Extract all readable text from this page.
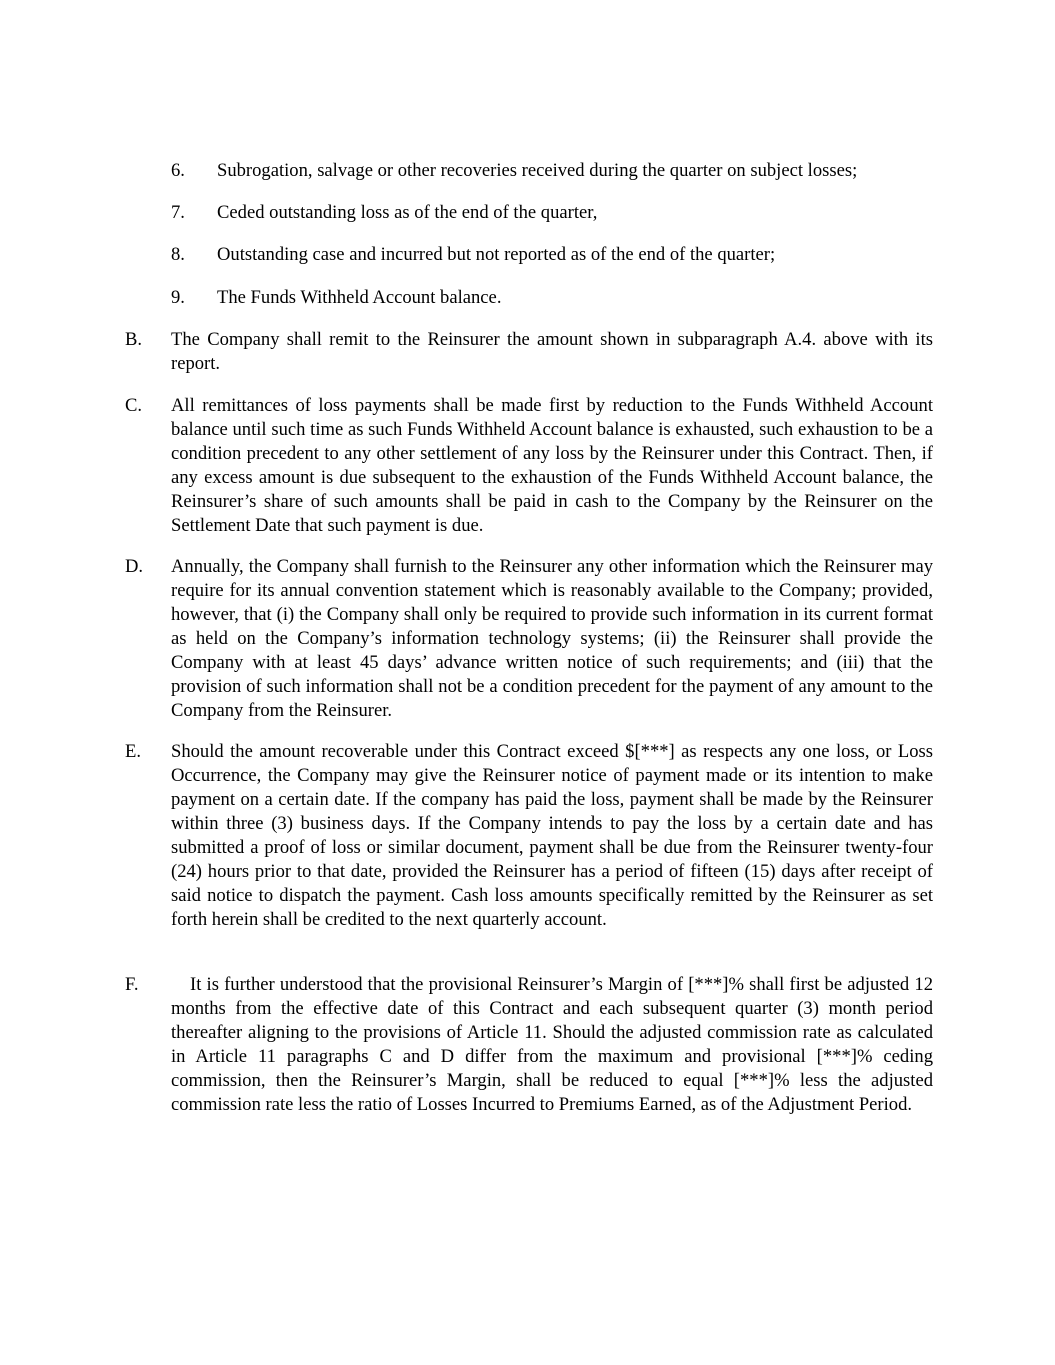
6.	Subrogation, salvage or other recoveries received during the quarter on subject losses;
7.	Ceded outstanding loss as of the end of the quarter,
8.	Outstanding case and incurred but not reported as of the end of the quarter;
9.	The Funds Withheld Account balance.
B.	The Company shall remit to the Reinsurer the amount shown in subparagraph A.4. above with its report.
C.	All remittances of loss payments shall be made first by reduction to the Funds Withheld Account balance until such time as such Funds Withheld Account balance is exhausted, such exhaustion to be a condition precedent to any other settlement of any loss by the Reinsurer under this Contract. Then, if any excess amount is due subsequent to the exhaustion of the Funds Withheld Account balance, the Reinsurer’s share of such amounts shall be paid in cash to the Company by the Reinsurer on the Settlement Date that such payment is due.
D.	Annually, the Company shall furnish to the Reinsurer any other information which the Reinsurer may require for its annual convention statement which is reasonably available to the Company; provided, however, that (i) the Company shall only be required to provide such information in its current format as held on the Company’s information technology systems; (ii) the Reinsurer shall provide the Company with at least 45 days’ advance written notice of such requirements; and (iii) that the provision of such information shall not be a condition precedent for the payment of any amount to the Company from the Reinsurer.
E.	Should the amount recoverable under this Contract exceed $[***] as respects any one loss, or Loss Occurrence, the Company may give the Reinsurer notice of payment made or its intention to make payment on a certain date. If the company has paid the loss, payment shall be made by the Reinsurer within three (3) business days. If the Company intends to pay the loss by a certain date and has submitted a proof of loss or similar document, payment shall be due from the Reinsurer twenty-four (24) hours prior to that date, provided the Reinsurer has a period of fifteen (15) days after receipt of said notice to dispatch the payment. Cash loss amounts specifically remitted by the Reinsurer as set forth herein shall be credited to the next quarterly account.
F.	It is further understood that the provisional Reinsurer’s Margin of [***]% shall first be adjusted 12 months from the effective date of this Contract and each subsequent quarter (3) month period thereafter aligning to the provisions of Article 11. Should the adjusted commission rate as calculated in Article 11 paragraphs C and D differ from the maximum and provisional [***]% ceding commission, then the Reinsurer’s Margin, shall be reduced to equal [***]% less the adjusted commission rate less the ratio of Losses Incurred to Premiums Earned, as of the Adjustment Period.
